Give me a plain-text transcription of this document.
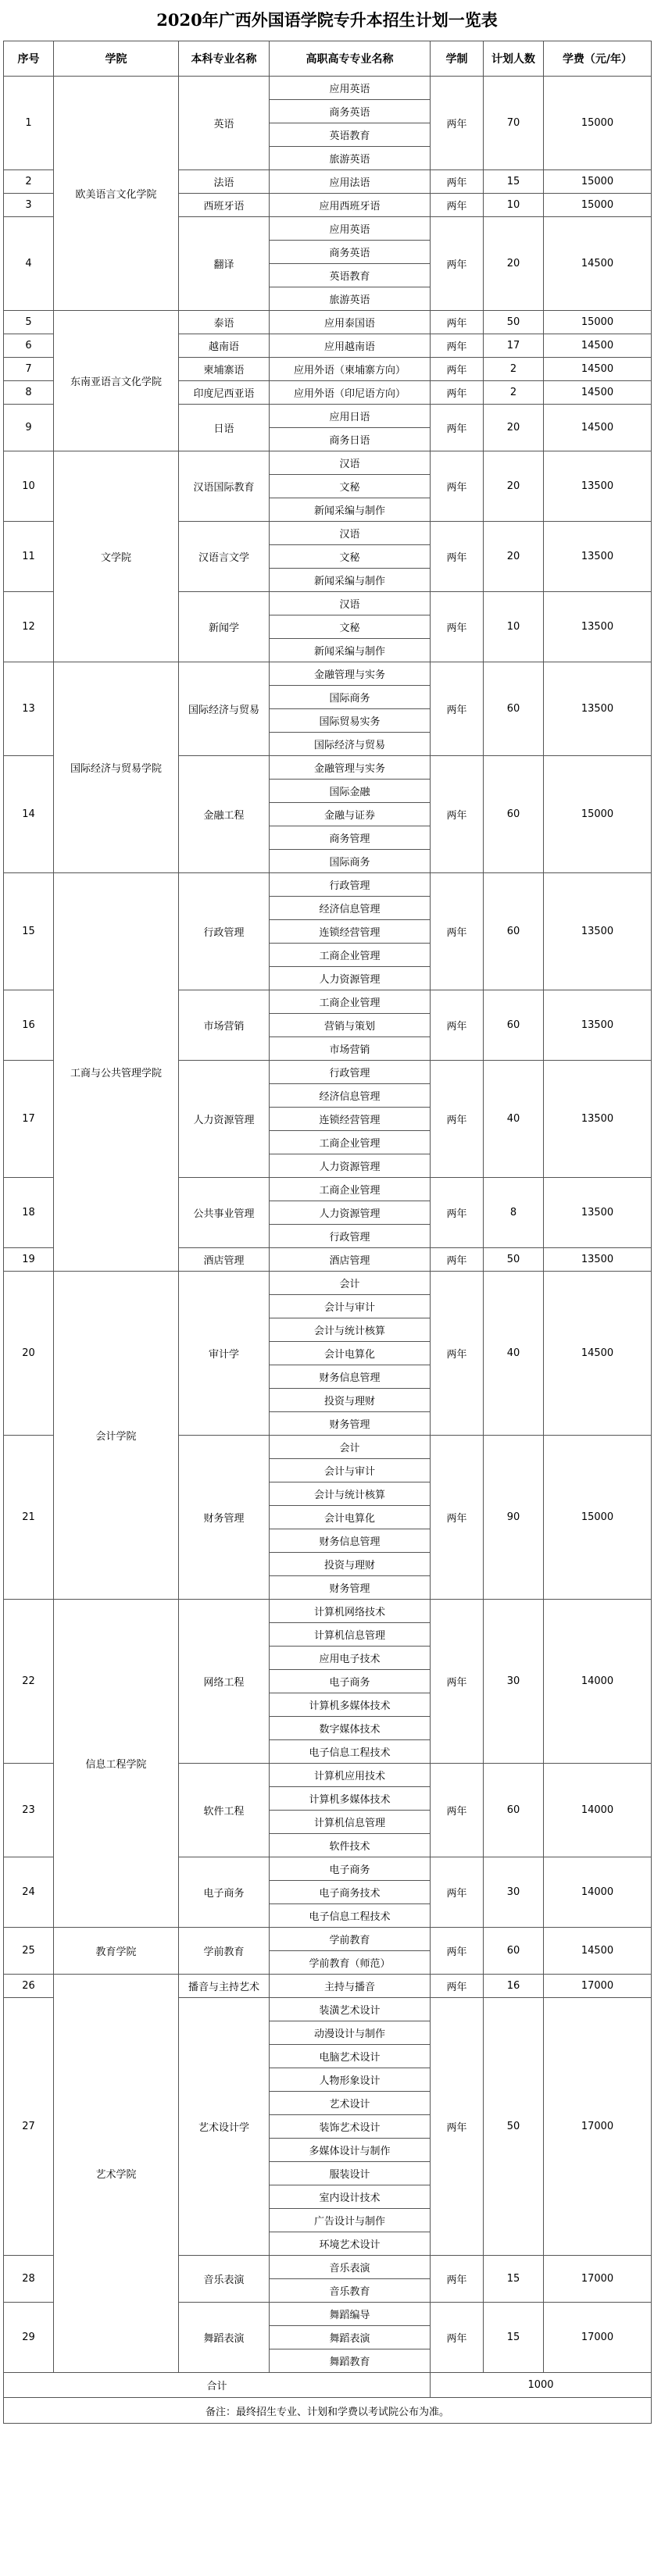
2020年广西外国语学院专升本招生计划一览表
序号	学院	本科专业名称	高职高专专业名称	学制	计划人数	学费（元/年）
1	欧美语言文化学院	英语	应用英语	两年	70	15000
			商务英语			
			英语教育			
			旅游英语			
2		法语	应用法语	两年	15	15000
3		西班牙语	应用西班牙语	两年	10	15000
4		翻译	应用英语	两年	20	14500
			商务英语			
			英语教育			
			旅游英语			
5	东南亚语言文化学院	泰语	应用泰国语	两年	50	15000
6		越南语	应用越南语	两年	17	14500
7		柬埔寨语	应用外语（柬埔寨方向）	两年	2	14500
8		印度尼西亚语	应用外语（印尼语方向）	两年	2	14500
9		日语	应用日语	两年	20	14500
			商务日语			
10	文学院	汉语国际教育	汉语	两年	20	13500
			文秘			
			新闻采编与制作			
11		汉语言文学	汉语	两年	20	13500
			文秘			
			新闻采编与制作			
12		新闻学	汉语	两年	10	13500
			文秘			
			新闻采编与制作			
13	国际经济与贸易学院	国际经济与贸易	金融管理与实务	两年	60	13500
			国际商务			
			国际贸易实务			
			国际经济与贸易			
14		金融工程	金融管理与实务	两年	60	15000
			国际金融			
			金融与证券			
			商务管理			
			国际商务			
15	工商与公共管理学院	行政管理	行政管理	两年	60	13500
			经济信息管理			
			连锁经营管理			
			工商企业管理			
			人力资源管理			
16		市场营销	工商企业管理	两年	60	13500
			营销与策划			
			市场营销			
17		人力资源管理	行政管理	两年	40	13500
			经济信息管理			
			连锁经营管理			
			工商企业管理			
			人力资源管理			
18		公共事业管理	工商企业管理	两年	8	13500
			人力资源管理			
			行政管理			
19		酒店管理	酒店管理	两年	50	13500
20	会计学院	审计学	会计	两年	40	14500
			会计与审计			
			会计与统计核算			
			会计电算化			
			财务信息管理			
			投资与理财			
			财务管理			
21		财务管理	会计	两年	90	15000
			会计与审计			
			会计与统计核算			
			会计电算化			
			财务信息管理			
			投资与理财			
			财务管理			
22	信息工程学院	网络工程	计算机网络技术	两年	30	14000
			计算机信息管理			
			应用电子技术			
			电子商务			
			计算机多媒体技术			
			数字媒体技术			
			电子信息工程技术			
23		软件工程	计算机应用技术	两年	60	14000
			计算机多媒体技术			
			计算机信息管理			
			软件技术			
24		电子商务	电子商务	两年	30	14000
			电子商务技术			
			电子信息工程技术			
25	教育学院	学前教育	学前教育	两年	60	14500
			学前教育（师范）			
26	艺术学院	播音与主持艺术	主持与播音	两年	16	17000
27		艺术设计学	装潢艺术设计	两年	50	17000
			动漫设计与制作			
			电脑艺术设计			
			人物形象设计			
			艺术设计			
			装饰艺术设计			
			多媒体设计与制作			
			服装设计			
			室内设计技术			
			广告设计与制作			
			环境艺术设计			
28		音乐表演	音乐表演	两年	15	17000
			音乐教育			
29		舞蹈表演	舞蹈编导	两年	15	17000
			舞蹈表演			
			舞蹈教育			
合计				1000		
备注：最终招生专业、计划和学费以考试院公布为准。						
